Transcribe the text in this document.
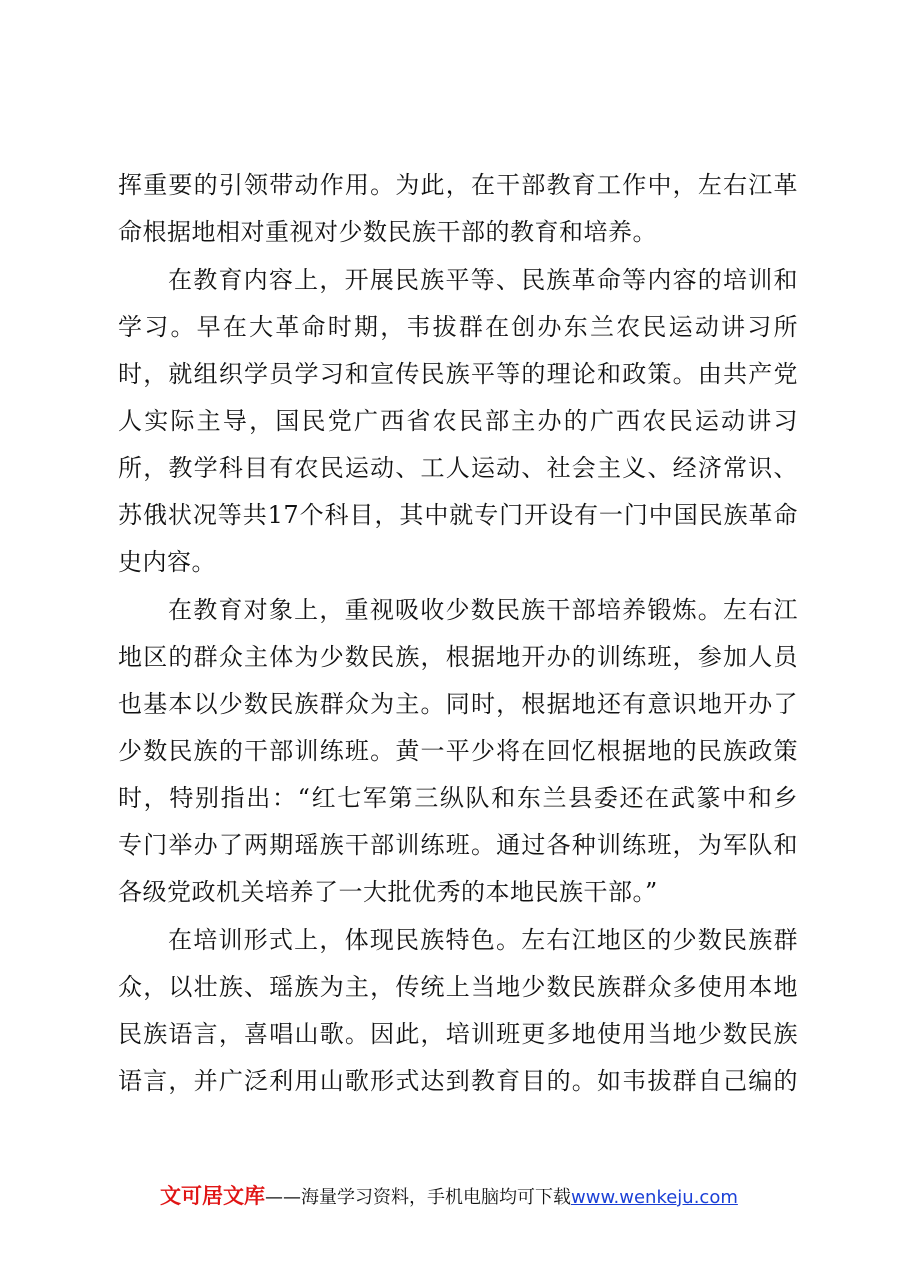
挥重要的引领带动作用。为此，在干部教育工作中，左右江革
命根据地相对重视对少数民族干部的教育和培养。
在教育内容上，开展民族平等、民族革命等内容的培训和
学习。早在大革命时期，韦拔群在创办东兰农民运动讲习所
时，就组织学员学习和宣传民族平等的理论和政策。由共产党
人实际主导，国民党广西省农民部主办的广西农民运动讲习
所，教学科目有农民运动、工人运动、社会主义、经济常识、
苏俄状况等共17个科目，其中就专门开设有一门中国民族革命
史内容。
在教育对象上，重视吸收少数民族干部培养锻炼。左右江
地区的群众主体为少数民族，根据地开办的训练班，参加人员
也基本以少数民族群众为主。同时，根据地还有意识地开办了
少数民族的干部训练班。黄一平少将在回忆根据地的民族政策
时，特别指出：“红七军第三纵队和东兰县委还在武篆中和乡
专门举办了两期瑶族干部训练班。通过各种训练班，为军队和
各级党政机关培养了一大批优秀的本地民族干部。”
在培训形式上，体现民族特色。左右江地区的少数民族群
众，以壮族、瑶族为主，传统上当地少数民族群众多使用本地
民族语言，喜唱山歌。因此，培训班更多地使用当地少数民族
语言，并广泛利用山歌形式达到教育目的。如韦拔群自己编的
文可居文库——海量学习资料，手机电脑均可下载www.wenkeju.com
